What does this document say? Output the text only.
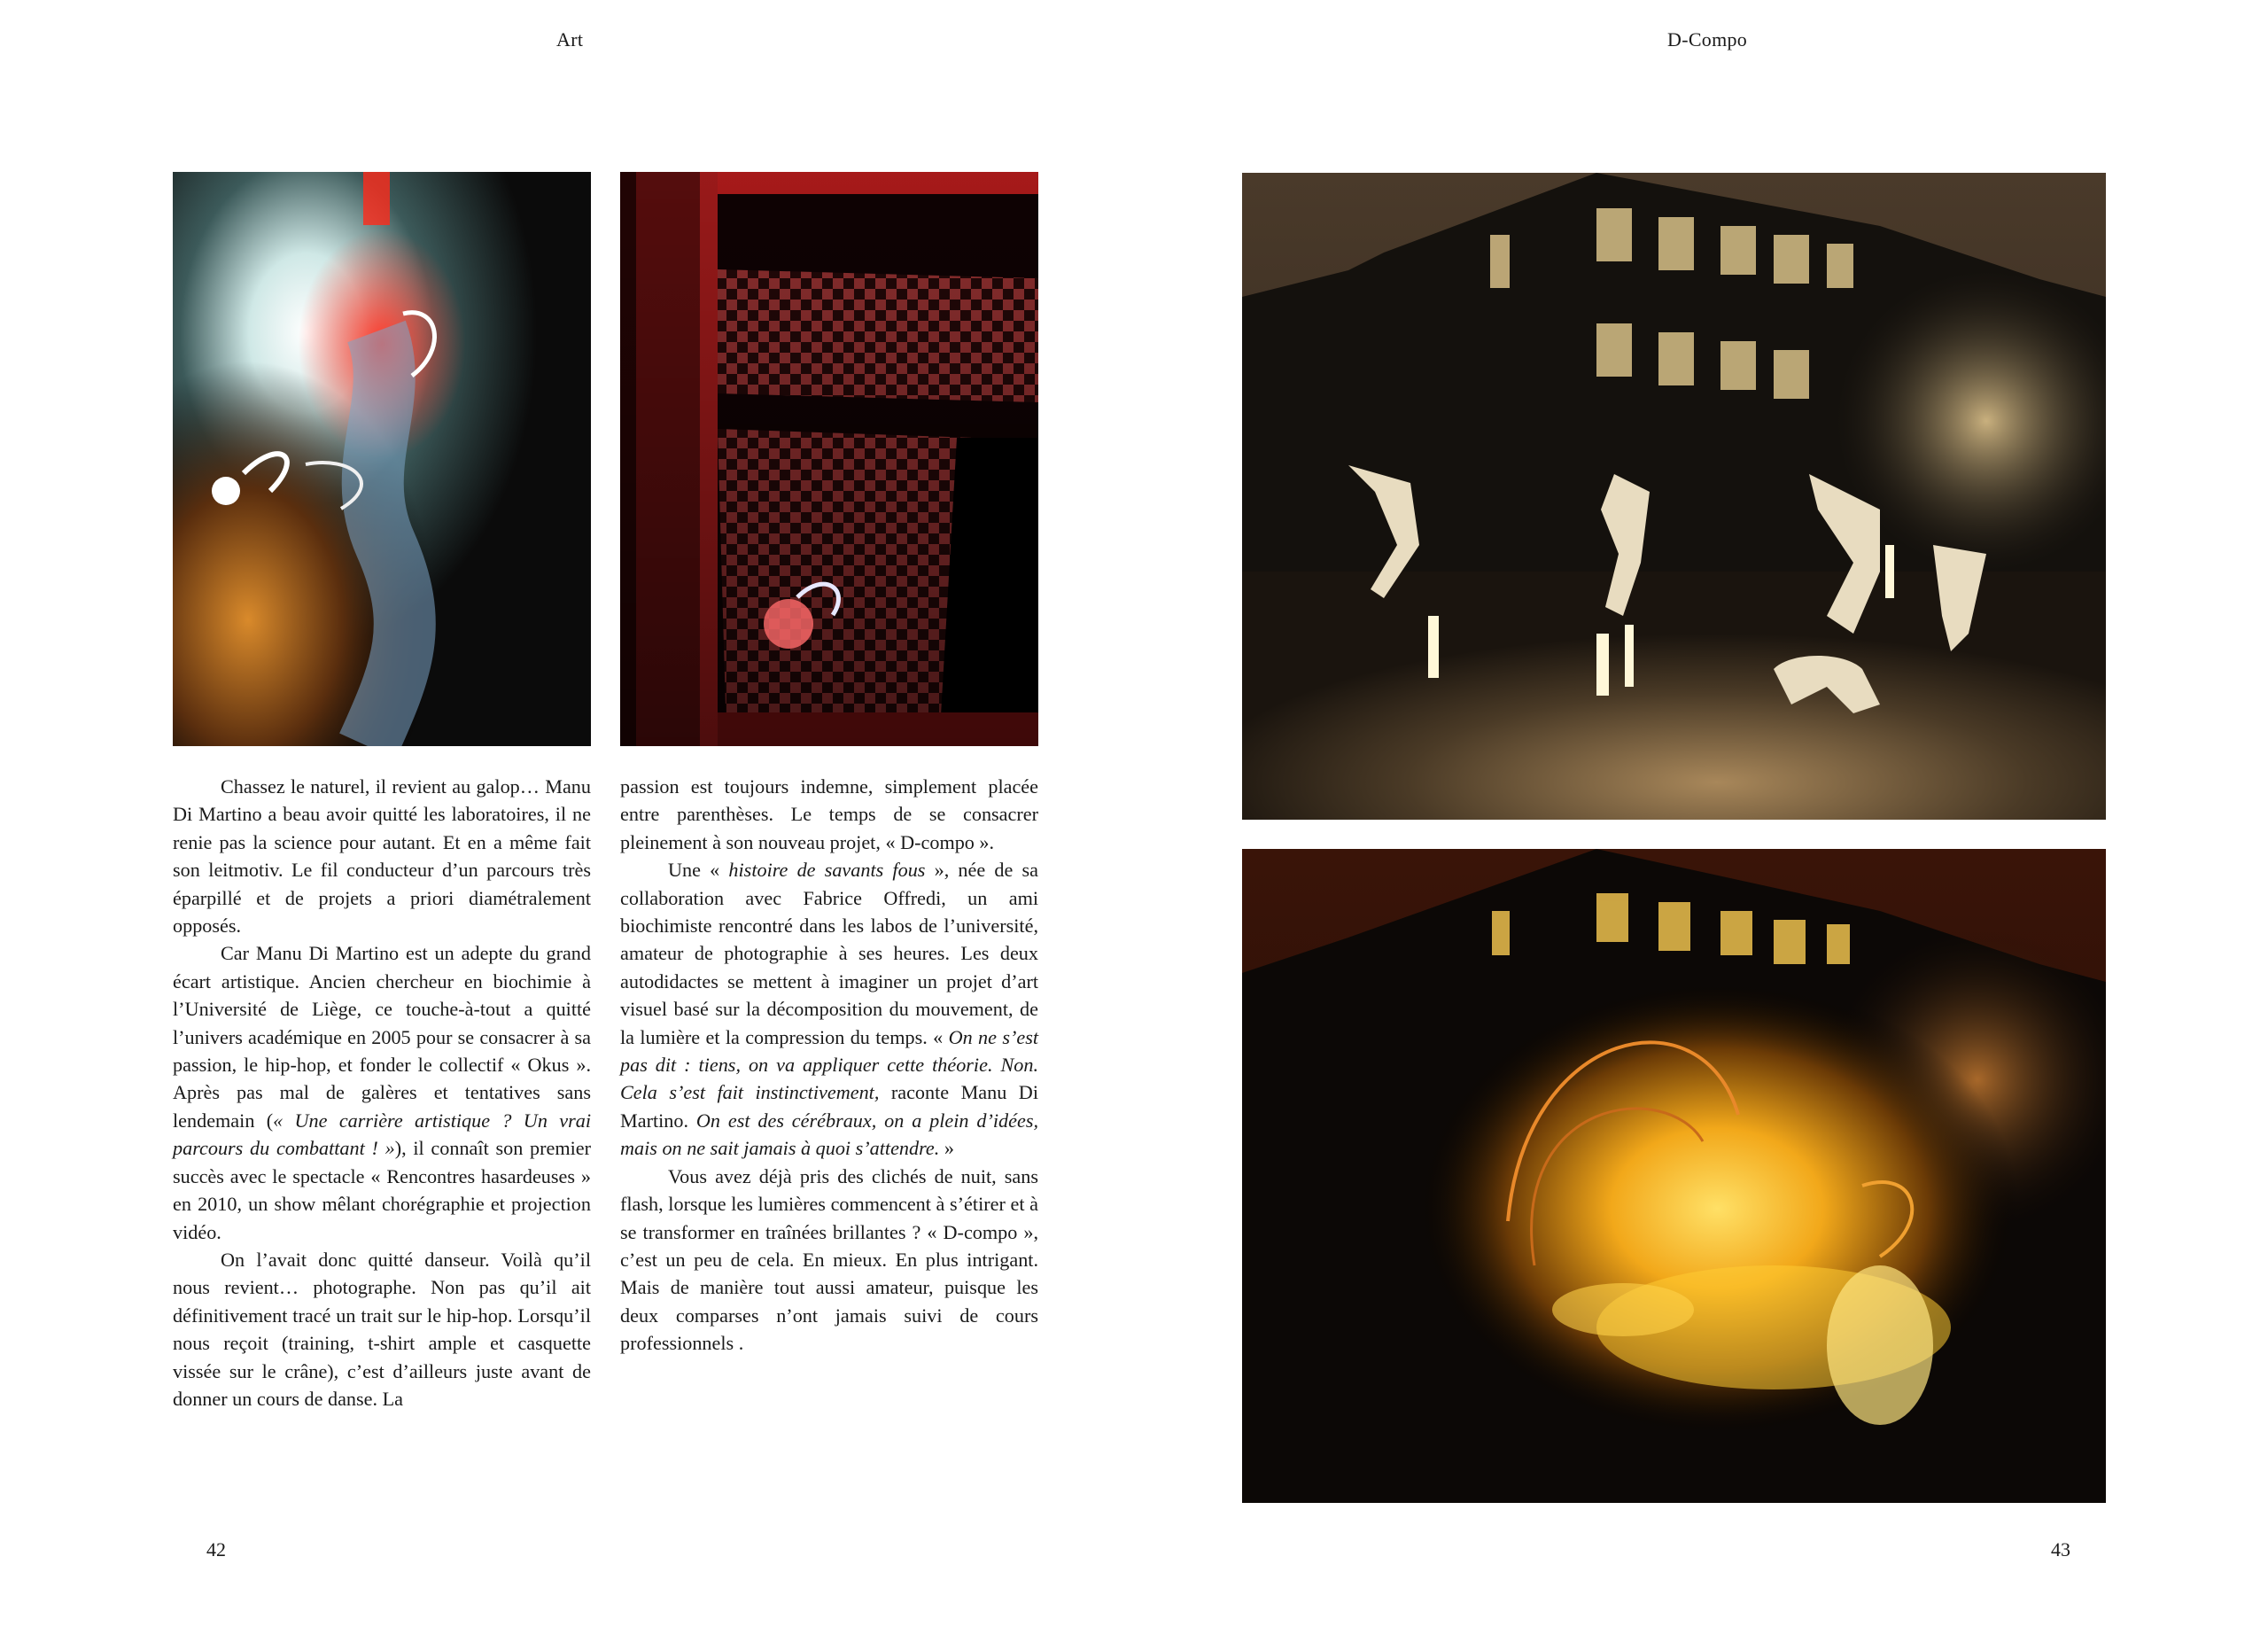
Art

Chassez le naturel, il revient au galop… Manu Di Martino a beau avoir quitté les laboratoires, il ne renie pas la science pour autant. Et en a même fait son leitmotiv. Le fil conducteur d’un parcours très éparpillé et de projets a priori diamétralement opposés.

Car Manu Di Martino est un adepte du grand écart artistique. Ancien chercheur en biochimie à l’Université de Liège, ce touche-à-tout a quitté l’univers académique en 2005 pour se consacrer à sa passion, le hip-hop, et fonder le collectif « Okus ». Après pas mal de galères et tentatives sans lendemain (« Une carrière artistique ? Un vrai parcours du combattant ! »), il connaît son premier succès avec le spectacle « Rencontres hasardeuses » en 2010, un show mêlant chorégraphie et projection vidéo.

On l’avait donc quitté danseur. Voilà qu’il nous revient… photographe. Non pas qu’il ait définitivement tracé un trait sur le hip-hop. Lorsqu’il nous reçoit (training, t-shirt ample et casquette vissée sur le crâne), c’est d’ailleurs juste avant de donner un cours de danse. La

passion est toujours indemne, simplement placée entre parenthèses. Le temps de se consacrer pleinement à son nouveau projet, « D-compo ».

Une « histoire de savants fous », née de sa collaboration avec Fabrice Offredi, un ami biochimiste rencontré dans les labos de l’université, amateur de photographie à ses heures. Les deux autodidactes se mettent à imaginer un projet d’art visuel basé sur la décomposition du mouvement, de la lumière et la compression du temps. « On ne s’est pas dit : tiens, on va appliquer cette théorie. Non. Cela s’est fait instinctivement, raconte Manu Di Martino. On est des cérébraux, on a plein d’idées, mais on ne sait jamais à quoi s’attendre. »

Vous avez déjà pris des clichés de nuit, sans flash, lorsque les lumières commencent à s’étirer et à se transformer en traînées brillantes ? « D-compo », c’est un peu de cela. En mieux. En plus intrigant. Mais de manière tout aussi amateur, puisque les deux comparses n’ont jamais suivi de cours professionnels .

42
D-Compo
43
